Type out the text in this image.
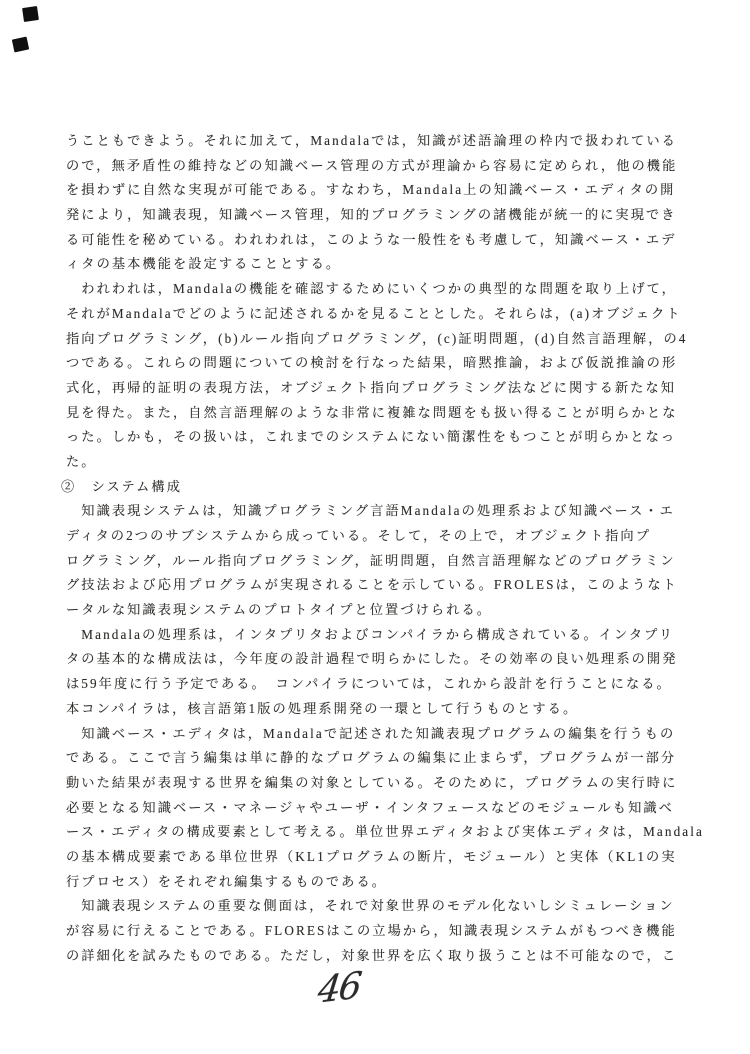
うこともできよう。それに加えて，Mandalaでは，知識が述語論理の枠内で扱われている
ので，無矛盾性の維持などの知識ベース管理の方式が理論から容易に定められ，他の機能
を損わずに自然な実現が可能である。すなわち，Mandala上の知識ベース・エディタの開
発により，知識表現，知識ベース管理，知的プログラミングの諸機能が統一的に実現でき
る可能性を秘めている。われわれは，このような一般性をも考慮して，知識ベース・エデ
ィタの基本機能を設定することとする。
　われわれは，Mandalaの機能を確認するためにいくつかの典型的な問題を取り上げて，
それがMandalaでどのように記述されるかを見ることとした。それらは，(a)オブジェクト
指向プログラミング，(b)ルール指向プログラミング，(c)証明問題，(d)自然言語理解，の4
つである。これらの問題についての検討を行なった結果，暗黙推論，および仮説推論の形
式化，再帰的証明の表現方法，オブジェクト指向プログラミング法などに関する新たな知
見を得た。また，自然言語理解のような非常に複雑な問題をも扱い得ることが明らかとな
った。しかも，その扱いは，これまでのシステムにない簡潔性をもつことが明らかとなっ
た。
②　システム構成
　知識表現システムは，知識プログラミング言語Mandalaの処理系および知識ベース・エ
ディタの2つのサブシステムから成っている。そして，その上で，オブジェクト指向プ
ログラミング，ルール指向プログラミング，証明問題，自然言語理解などのプログラミン
グ技法および応用プログラムが実現されることを示している。FROLESは，このようなト
ータルな知識表現システムのプロトタイプと位置づけられる。
　Mandalaの処理系は，インタプリタおよびコンパイラから構成されている。インタプリ
タの基本的な構成法は，今年度の設計過程で明らかにした。その効率の良い処理系の開発
は59年度に行う予定である。　コンパイラについては，これから設計を行うことになる。
本コンパイラは，核言語第1版の処理系開発の一環として行うものとする。
　知識ベース・エディタは，Mandalaで記述された知識表現プログラムの編集を行うもの
である。ここで言う編集は単に静的なプログラムの編集に止まらず，プログラムが一部分
動いた結果が表現する世界を編集の対象としている。そのために，プログラムの実行時に
必要となる知識ベース・マネージャやユーザ・インタフェースなどのモジュールも知識ベ
ース・エディタの構成要素として考える。単位世界エディタおよび実体エディタは，Mandala
の基本構成要素である単位世界（KL1プログラムの断片，モジュール）と実体（KL1の実
行プロセス）をそれぞれ編集するものである。
　知識表現システムの重要な側面は，それで対象世界のモデル化ないしシミュレーション
が容易に行えることである。FLORESはこの立場から，知識表現システムがもつべき機能
の詳細化を試みたものである。ただし，対象世界を広く取り扱うことは不可能なので，こ
46
